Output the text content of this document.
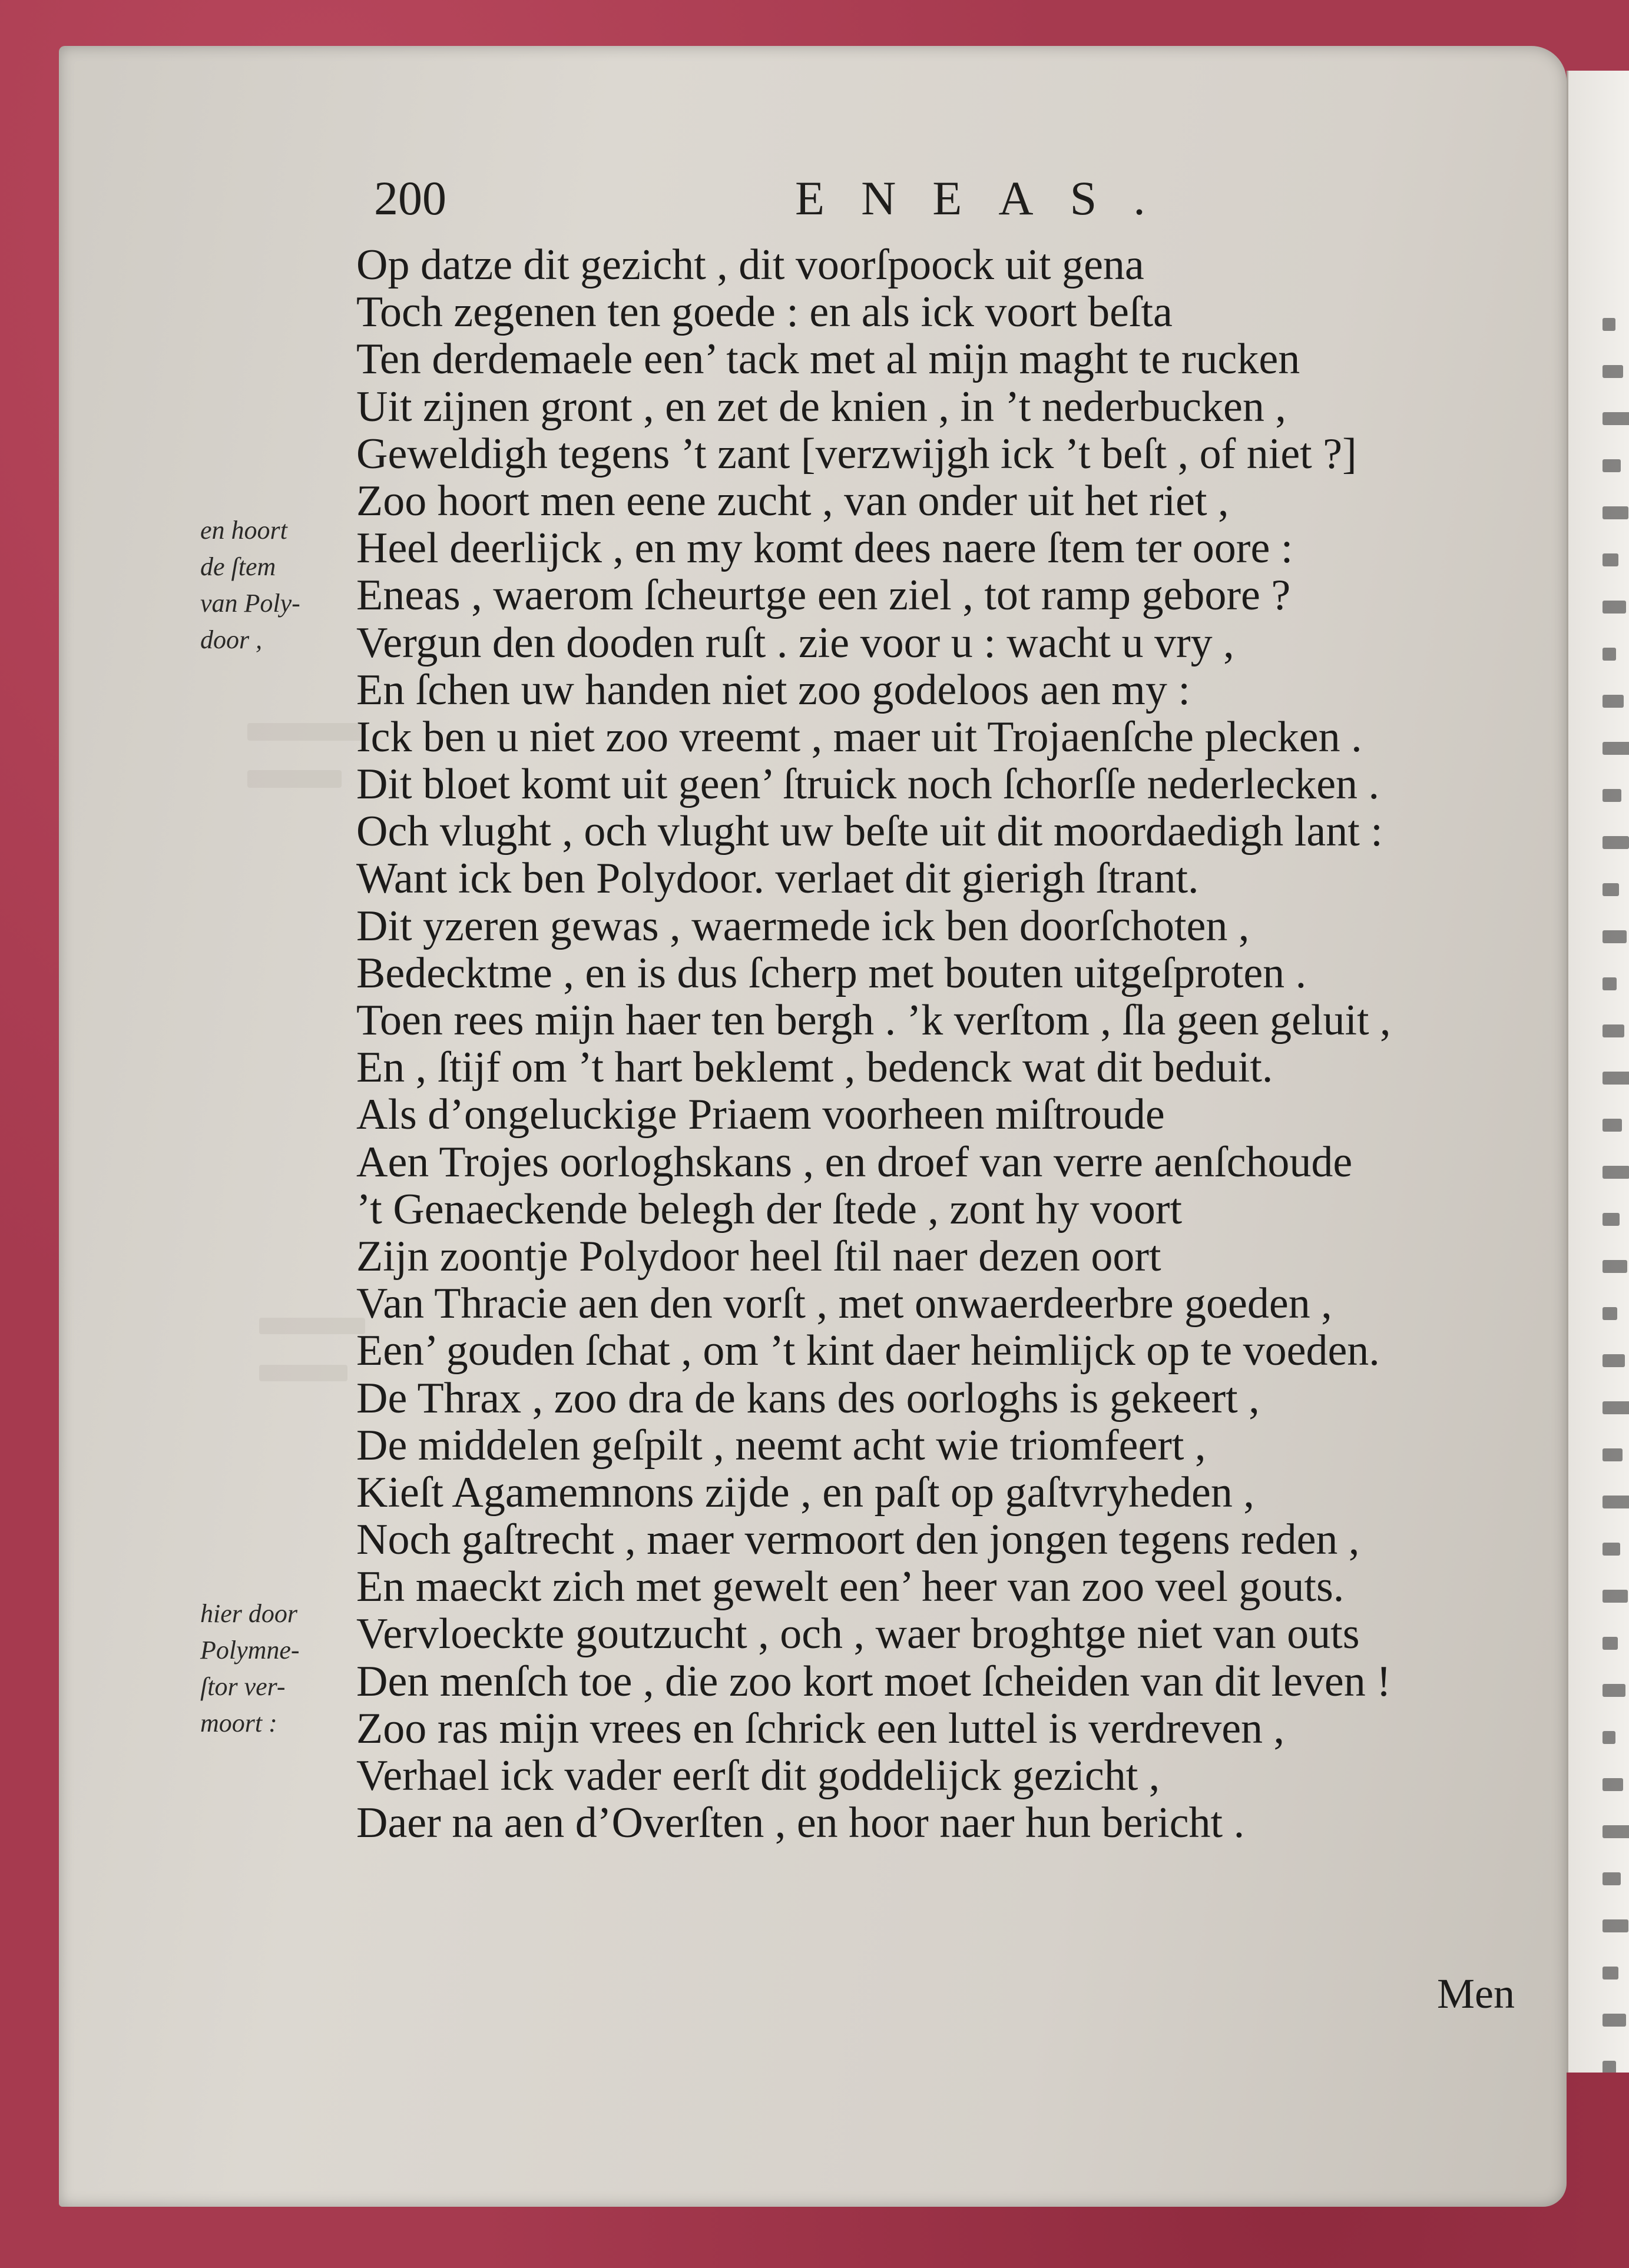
200	ENEAS.
Op datze dit gezicht , dit voorſpoock uit gena
Toch zegenen ten goede : en als ick voort beſta
Ten derdemaele een’ tack met al mijn maght te rucken
Uit zijnen gront , en zet de knien , in ’t nederbucken ,
Geweldigh tegens ’t zant [verzwijgh ick ’t beſt , of niet ?]
Zoo hoort men eene zucht , van onder uit het riet ,
Heel deerlijck , en my komt dees naere ſtem ter oore :
Eneas , waerom ſcheurtge een ziel , tot ramp gebore ?
Vergun den dooden ruſt . zie voor u : wacht u vry ,
En ſchen uw handen niet zoo godeloos aen my :
Ick ben u niet zoo vreemt , maer uit Trojaenſche plecken .
Dit bloet komt uit geen’ ſtruick noch ſchorſſe nederlecken .
Och vlught , och vlught uw beſte uit dit moordaedigh lant :
Want ick ben Polydoor. verlaet dit gierigh ſtrant.
Dit yzeren gewas , waermede ick ben doorſchoten ,
Bedecktme , en is dus ſcherp met bouten uitgeſproten .
Toen rees mijn haer ten bergh . ’k verſtom , ſla geen geluit ,
En , ſtijf om ’t hart beklemt , bedenck wat dit beduit.
Als d’ongeluckige Priaem voorheen miſtroude
Aen Trojes oorloghskans , en droef van verre aenſchoude
’t Genaeckende belegh der ſtede , zont hy voort
Zijn zoontje Polydoor heel ſtil naer dezen oort
Van Thracie aen den vorſt , met onwaerdeerbre goeden ,
Een’ gouden ſchat , om ’t kint daer heimlijck op te voeden.
De Thrax , zoo dra de kans des oorloghs is gekeert ,
De middelen geſpilt , neemt acht wie triomfeert ,
Kieſt Agamemnons zijde , en paſt op gaſtvryheden ,
Noch gaſtrecht , maer vermoort den jongen tegens reden ,
En maeckt zich met gewelt een’ heer van zoo veel gouts.
Vervloeckte goutzucht , och , waer broghtge niet van outs
Den menſch toe , die zoo kort moet ſcheiden van dit leven !
Zoo ras mijn vrees en ſchrick een luttel is verdreven ,
Verhael ick vader eerſt dit goddelijck gezicht ,
Daer na aen d’Overſten , en hoor naer hun bericht .
en hoort
de ſtem
van Poly-
door ,
hier door
Polymne-
ſtor ver-
moort :
Men
